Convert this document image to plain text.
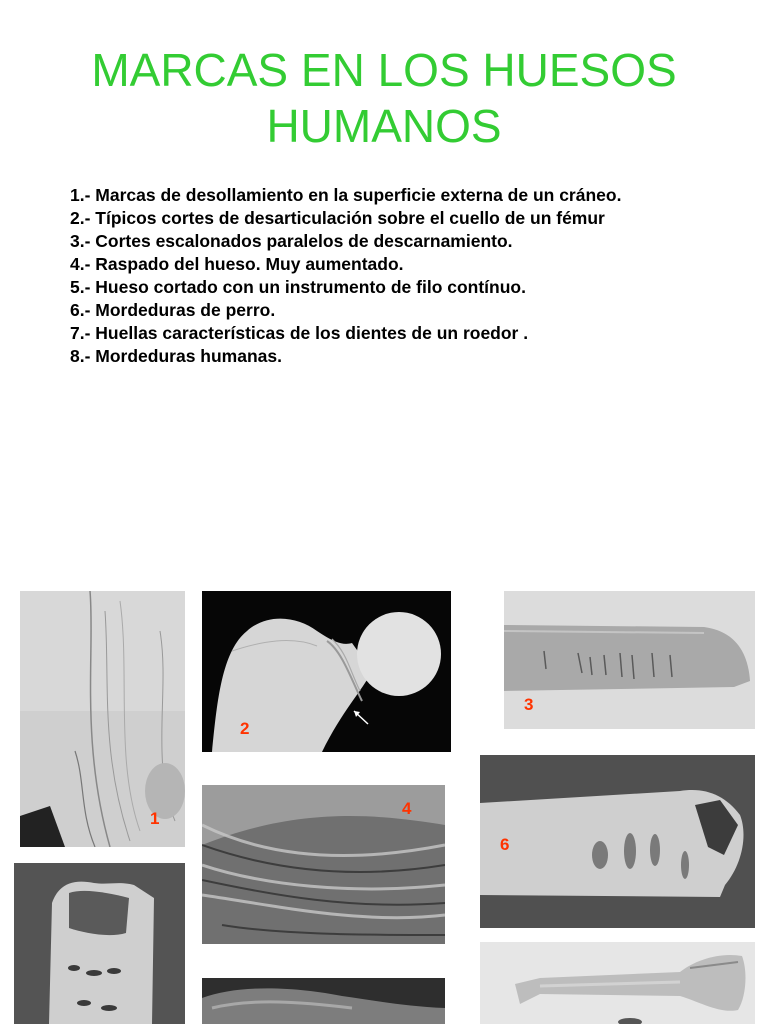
MARCAS EN LOS HUESOS
HUMANOS
1.- Marcas de desollamiento en la superficie externa de un cráneo.
2.- Típicos cortes de desarticulación sobre el cuello de un fémur
3.- Cortes escalonados paralelos de descarnamiento.
4.- Raspado del hueso. Muy aumentado.
5.- Hueso cortado con un instrumento de filo contínuo.
6.- Mordeduras de perro.
7.- Huellas características de los dientes de un roedor .
8.- Mordeduras humanas.
1
2
3
4
6
